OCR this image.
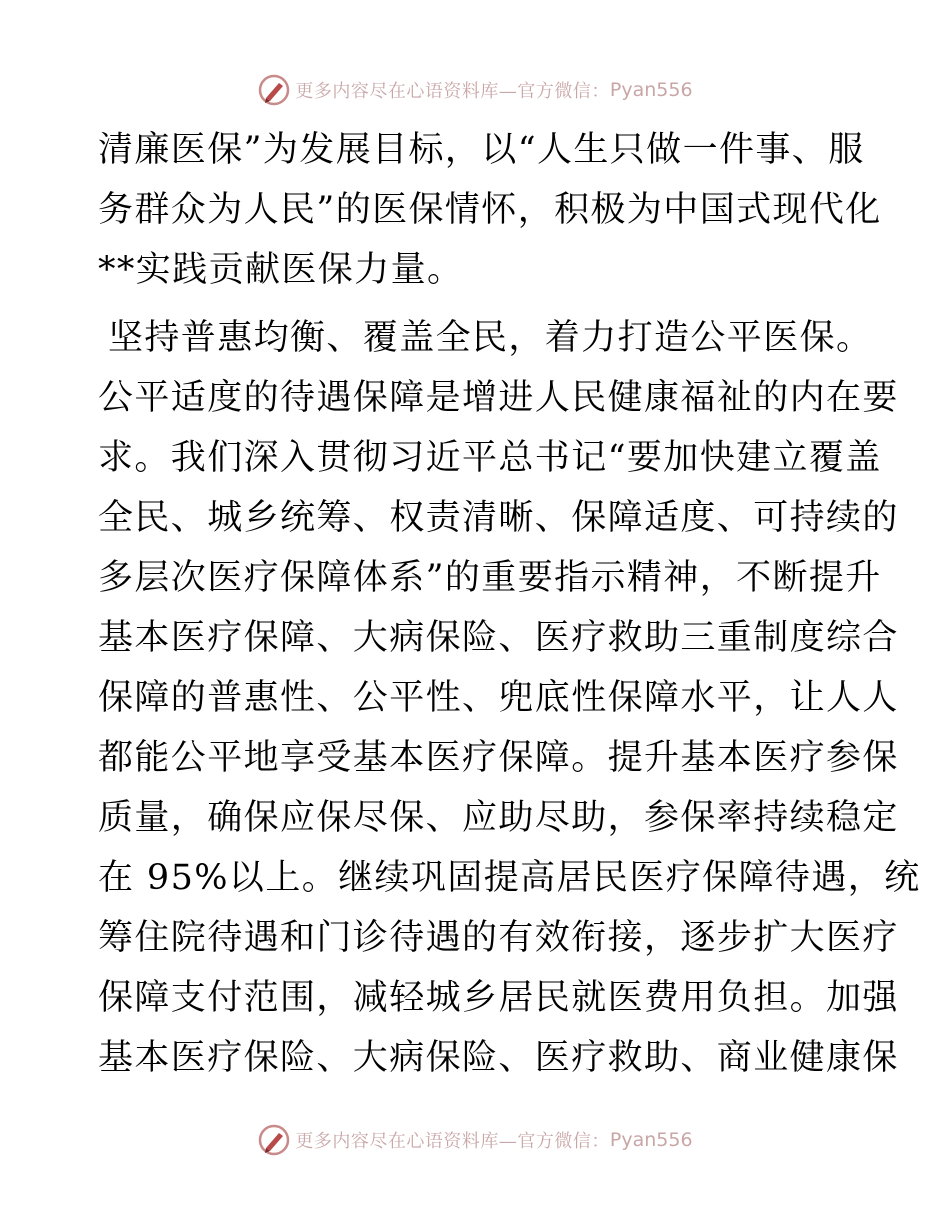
更多内容尽在心语资料库—官方微信： Pyan556
清廉医保”为发展目标，以“人生只做一件事、服
务群众为人民”的医保情怀，积极为中国式现代化
**实践贡献医保力量。
坚持普惠均衡、覆盖全民，着力打造公平医保。
公平适度的待遇保障是增进人民健康福祉的内在要
求。我们深入贯彻习近平总书记“要加快建立覆盖
全民、城乡统筹、权责清晰、保障适度、可持续的
多层次医疗保障体系”的重要指示精神，不断提升
基本医疗保障、大病保险、医疗救助三重制度综合
保障的普惠性、公平性、兜底性保障水平，让人人
都能公平地享受基本医疗保障。提升基本医疗参保
质量，确保应保尽保、应助尽助，参保率持续稳定
在 95%以上。继续巩固提高居民医疗保障待遇，统
筹住院待遇和门诊待遇的有效衔接，逐步扩大医疗
保障支付范围，减轻城乡居民就医费用负担。加强
基本医疗保险、大病保险、医疗救助、商业健康保
更多内容尽在心语资料库—官方微信： Pyan556
